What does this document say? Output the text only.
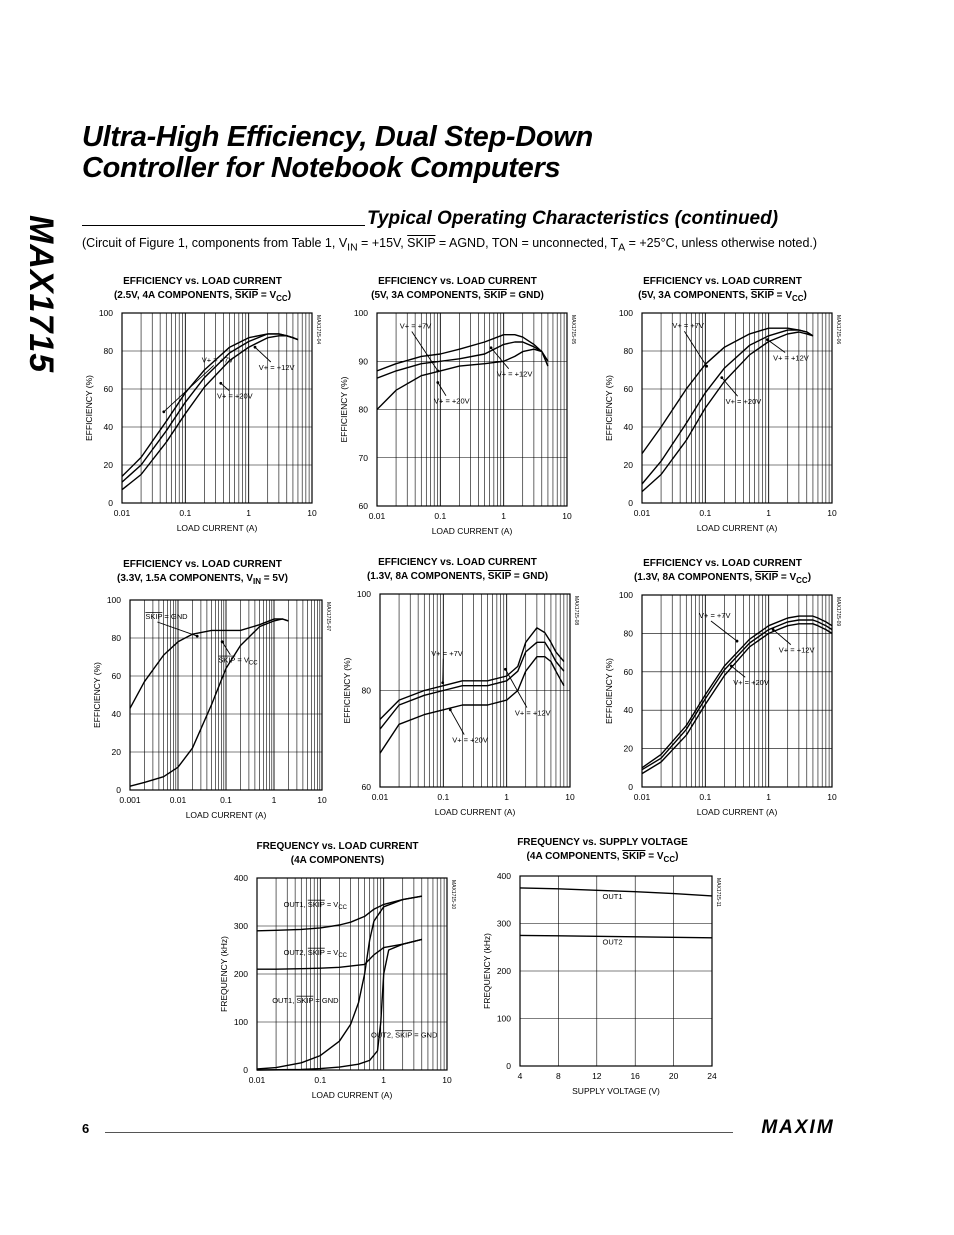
MAX1715
Ultra-High Efficiency, Dual Step-Down
Controller for Notebook Computers
Typical Operating Characteristics (continued)
(Circuit of Figure 1, components from Table 1, $V_{IN} = +15V$, SKIP = AGND, TON = unconnected, $T_A = +25^\circ C$, unless otherwise noted.)
EFFICIENCY vs. LOAD CURRENT
(2.5V, 4A COMPONENTS, SKIP = $V_{CC}$)
0.01	0.1	1	10
0
20
40
60
80
100
LOAD CURRENT (A)
EFFICIENCY (%)
MAX1715-04
V+ = +7V
V+ = +12V
V+ = +20V
EFFICIENCY vs. LOAD CURRENT
(5V, 3A COMPONENTS, SKIP = GND)
0.01	0.1	1	10
60
70
80
90
100
LOAD CURRENT (A)
EFFICIENCY (%)
MAX1715-05
V+ = +7V
V+ = +12V
V+ = +20V
EFFICIENCY vs. LOAD CURRENT
(5V, 3A COMPONENTS, SKIP = $V_{CC}$)
0.01	0.1	1	10
0
20
40
60
80
100
LOAD CURRENT (A)
EFFICIENCY (%)
MAX1715-06
V+ = +7V
V+ = +12V
V+ = +20V
EFFICIENCY vs. LOAD CURRENT
(3.3V, 1.5A COMPONENTS, $V_{IN} = 5V$)
0.001	0.01	0.1	1	10
0
20
40
60
80
100
LOAD CURRENT (A)
EFFICIENCY (%)
MAX1715-07
SKIP = GND
SKIP = $V_{CC}$
EFFICIENCY vs. LOAD CURRENT
(1.3V, 8A COMPONENTS, SKIP = GND)
0.01	0.1	1	10
60
80
100
LOAD CURRENT (A)
EFFICIENCY (%)
MAX1715-08
V+ = +7V
V+ = +12V
V+ = +20V
EFFICIENCY vs. LOAD CURRENT
(1.3V, 8A COMPONENTS, SKIP = $V_{CC}$)
0.01	0.1	1	10
0
20
40
60
80
100
LOAD CURRENT (A)
EFFICIENCY (%)
MAX1715-09
V+ = +7V
V+ = +12V
V+ = +20V
FREQUENCY vs. LOAD CURRENT
(4A COMPONENTS)
0.01	0.1	1	10
0
100
200
300
400
LOAD CURRENT (A)
FREQUENCY (kHz)
MAX1715-10
OUT1, SKIP = $V_{CC}$
OUT2, SKIP = $V_{CC}$
OUT1, SKIP = GND
OUT2, SKIP = GND
FREQUENCY vs. SUPPLY VOLTAGE
(4A COMPONENTS, SKIP = $V_{CC}$)
4	8	12	16	20	24
0
100
200
300
400
SUPPLY VOLTAGE (V)
FREQUENCY (kHz)
MAX1715-11
OUT1
OUT2
6	MAXIM
